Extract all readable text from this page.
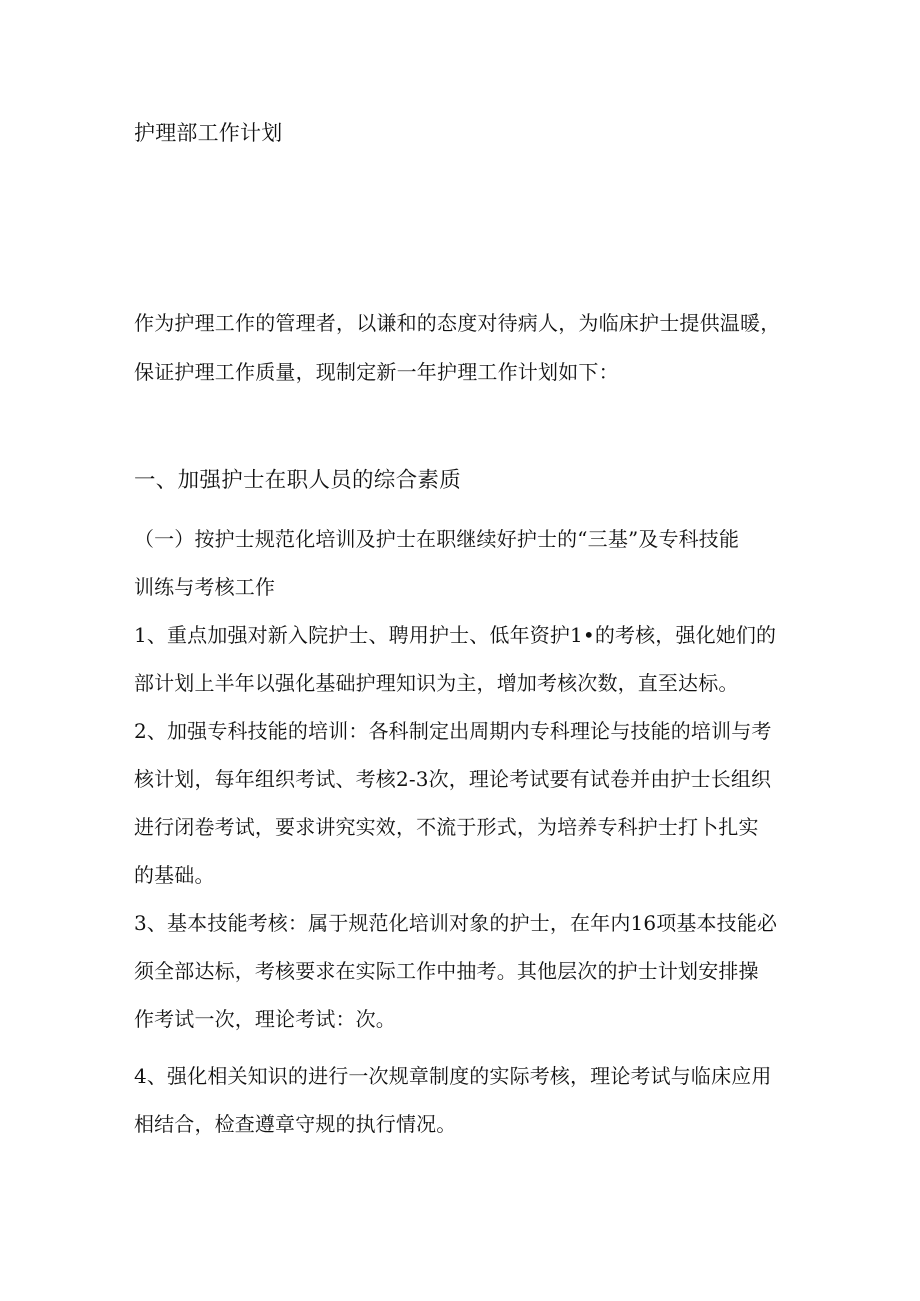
护理部工作计划
作为护理工作的管理者，以谦和的态度对待病人，为临床护士提供温暖，
保证护理工作质量，现制定新一年护理工作计划如下：
一、加强护士在职人员的综合素质
（一）按护士规范化培训及护士在职继续好护士的“三基”及专科技能
训练与考核工作
1、重点加强对新入院护士、聘用护士、低年资护1•的考核，强化她们的
部计划上半年以强化基础护理知识为主，增加考核次数，直至达标。
2、加强专科技能的培训：各科制定出周期内专科理论与技能的培训与考
核计划，每年组织考试、考核2-3次，理论考试要有试卷并由护士长组织
进行闭卷考试，要求讲究实效，不流于形式，为培养专科护士打卜扎实
的基础。
3、基本技能考核：属于规范化培训对象的护士，在年内16项基本技能必
须全部达标，考核要求在实际工作中抽考。其他层次的护士计划安排操
作考试一次，理论考试：次。
4、强化相关知识的进行一次规章制度的实际考核，理论考试与临床应用
相结合，检查遵章守规的执行情况。
